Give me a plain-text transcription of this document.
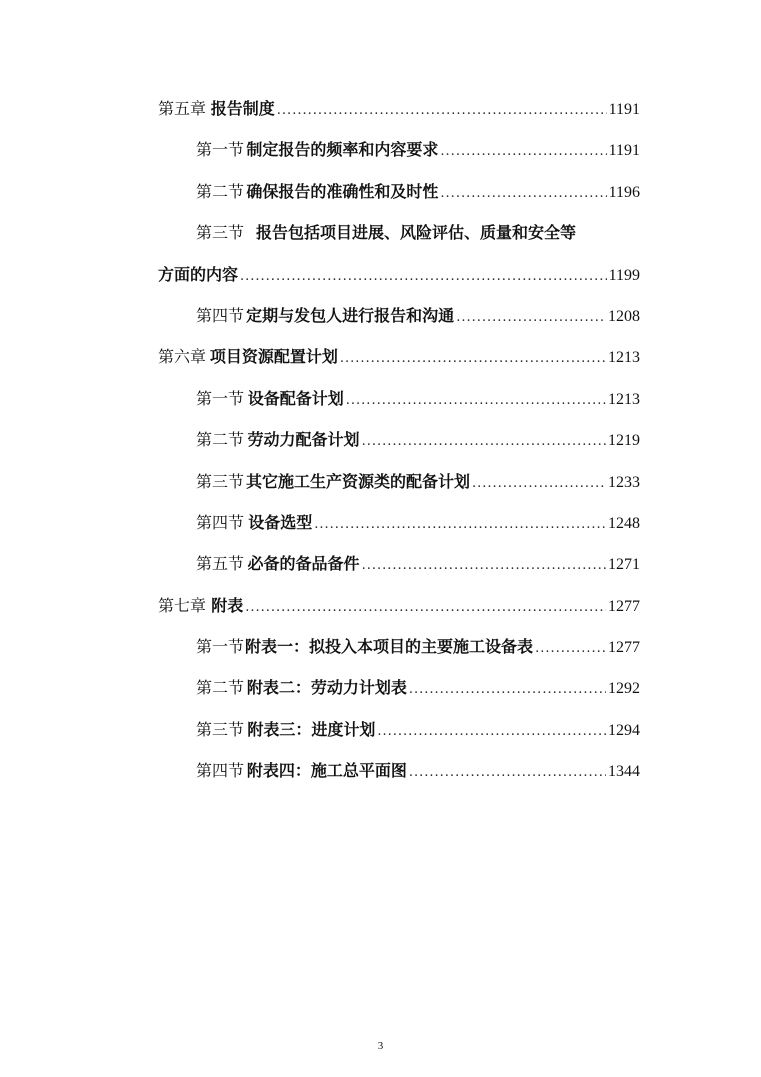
第五章 报告制度 .....	1191
第一节 制定报告的频率和内容要求 .....	1191
第二节 确保报告的准确性和及时性 .....	1196
第三节 报告包括项目进展、风险评估、质量和安全等
方面的内容 .....	1199
第四节 定期与发包人进行报告和沟通 .....	1208
第六章 项目资源配置计划 .....	1213
第一节 设备配备计划 .....	1213
第二节 劳动力配备计划 .....	1219
第三节 其它施工生产资源类的配备计划 .....	1233
第四节 设备选型 .....	1248
第五节 必备的备品备件 .....	1271
第七章 附表 .....	1277
第一节 附表一：拟投入本项目的主要施工设备表 .....	1277
第二节 附表二：劳动力计划表 .....	1292
第三节 附表三：进度计划 .....	1294
第四节 附表四：施工总平面图 .....	1344
3
